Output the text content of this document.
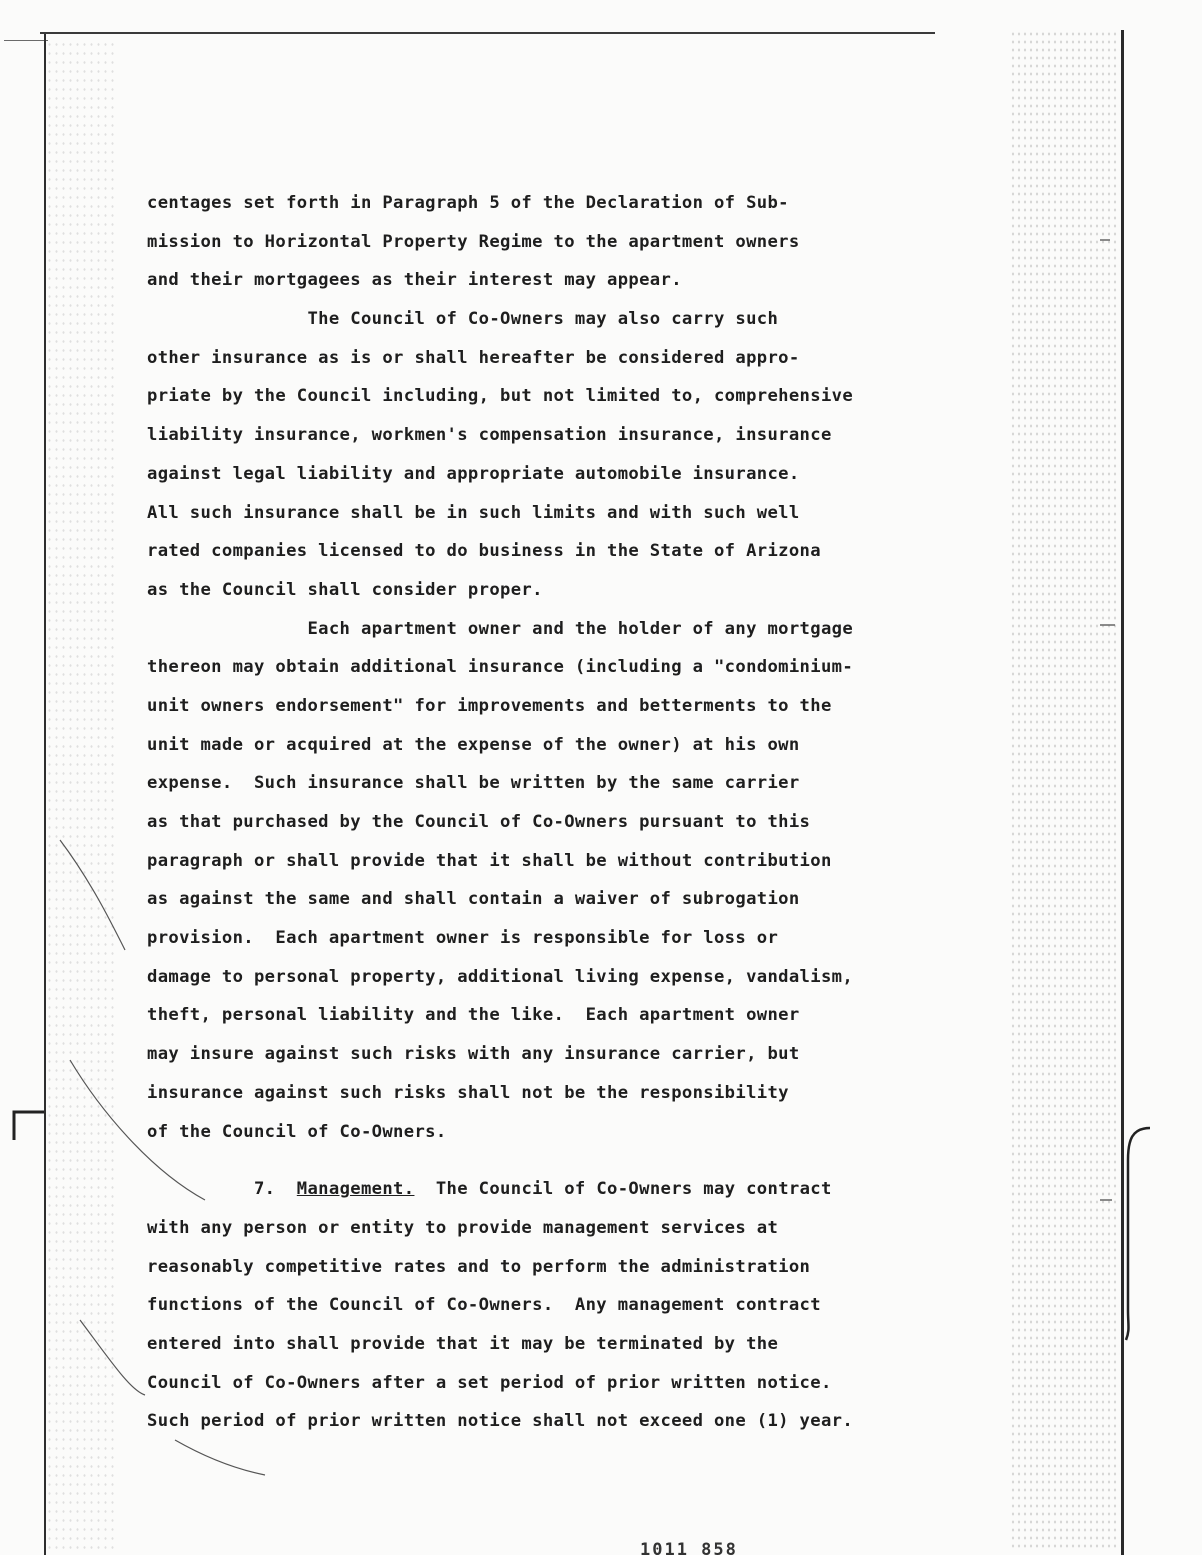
centages set forth in Paragraph 5 of the Declaration of Sub-
mission to Horizontal Property Regime to the apartment owners
and their mortgagees as their interest may appear.
The Council of Co-Owners may also carry such
other insurance as is or shall hereafter be considered appro-
priate by the Council including, but not limited to, comprehensive
liability insurance, workmen's compensation insurance, insurance
against legal liability and appropriate automobile insurance.
All such insurance shall be in such limits and with such well
rated companies licensed to do business in the State of Arizona
as the Council shall consider proper.
Each apartment owner and the holder of any mortgage
thereon may obtain additional insurance (including a "condominium-
unit owners endorsement" for improvements and betterments to the
unit made or acquired at the expense of the owner) at his own
expense.  Such insurance shall be written by the same carrier
as that purchased by the Council of Co-Owners pursuant to this
paragraph or shall provide that it shall be without contribution
as against the same and shall contain a waiver of subrogation
provision.  Each apartment owner is responsible for loss or
damage to personal property, additional living expense, vandalism,
theft, personal liability and the like.  Each apartment owner
may insure against such risks with any insurance carrier, but
insurance against such risks shall not be the responsibility
of the Council of Co-Owners.
7.  Management.  The Council of Co-Owners may contract
with any person or entity to provide management services at
reasonably competitive rates and to perform the administration
functions of the Council of Co-Owners.  Any management contract
entered into shall provide that it may be terminated by the
Council of Co-Owners after a set period of prior written notice.
Such period of prior written notice shall not exceed one (1) year.
1011 858
